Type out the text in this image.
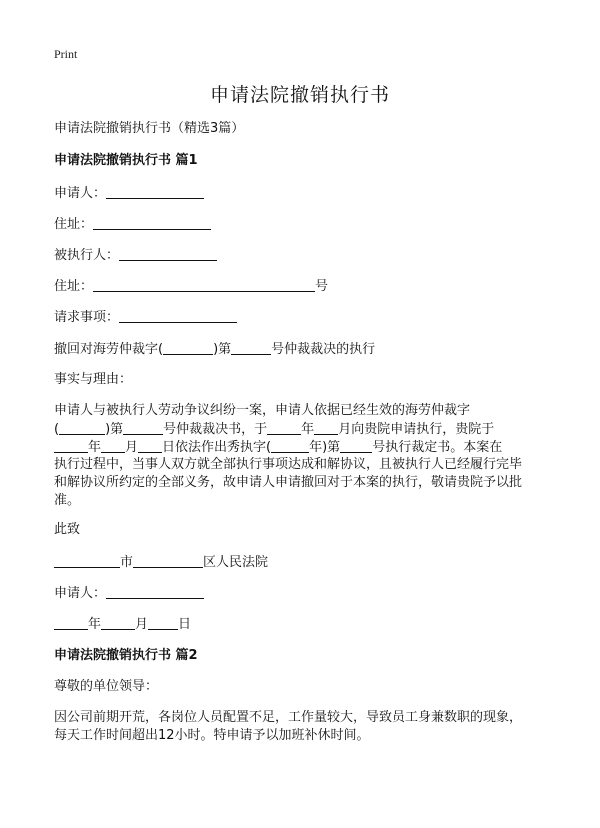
Print
申请法院撤销执行书
申请法院撤销执行书（精选3篇）
申请法院撤销执行书 篇1
申请人：
住址：
被执行人：
住址：	号
请求事项：
撤回对海劳仲裁字(	)第	号仲裁裁决的执行
事实与理由：
申请人与被执行人劳动争议纠纷一案，申请人依据已经生效的海劳仲裁字
(	)第	号仲裁裁决书，于	年 月向贵院申请执行，贵院于
年 月 日依法作出秀执字(	年)第 号执行裁定书。本案在
执行过程中，当事人双方就全部执行事项达成和解协议，且被执行人已经履行完毕
和解协议所约定的全部义务，故申请人申请撤回对于本案的执行，敬请贵院予以批
准。
此致
市	区人民法院
申请人：
年	月 日
申请法院撤销执行书 篇2
尊敬的单位领导：
因公司前期开荒，各岗位人员配置不足，工作量较大，导致员工身兼数职的现象，
每天工作时间超出12小时。特申请予以加班补休时间。
